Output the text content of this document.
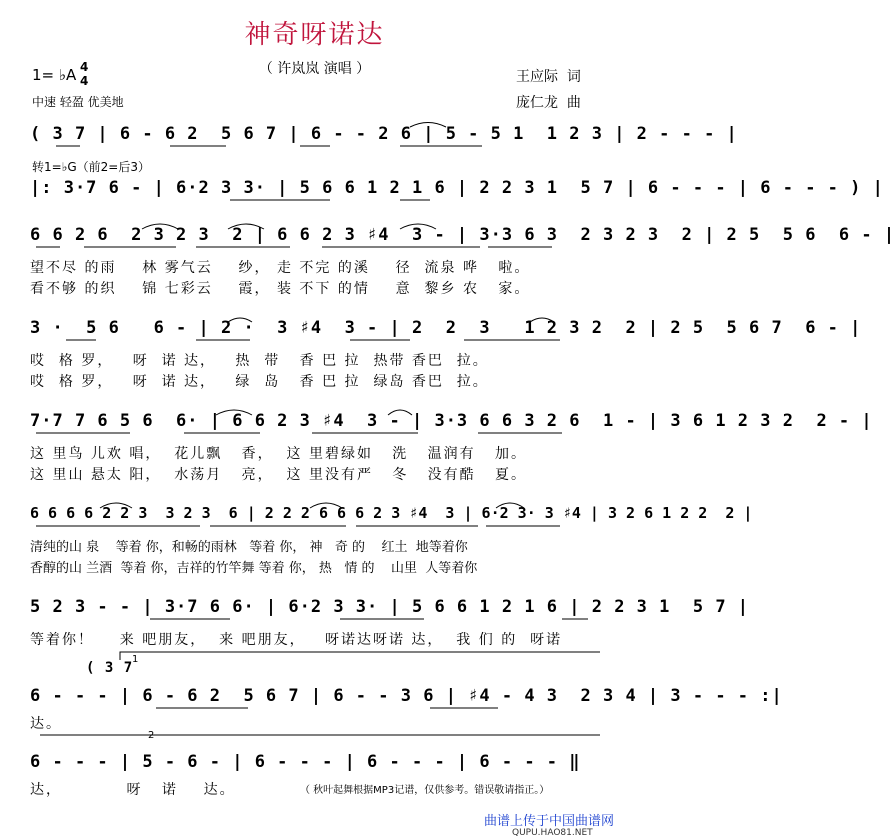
神奇呀诺达
（ 许岚岚 演唱 ）
1= ♭A 4
4
中速 轻盈 优美地
王应际  词
庞仁龙  曲
( 3 7 | 6 - 6 2  5 6 7 | 6 - - 2 6 | 5 - 5 1  1 2 3 | 2 - - - |
转1=♭G（前2=后3）
|: 3·7 6 - | 6·2 3 3· | 5 6 6 1 2 1 6 | 2 2 3 1  5 7 | 6 - - - | 6 - - - ) |
6 6 2 6  2 3 2 3  2 | 6 6 2 3 ♯4  3 - | 3·3 6 3  2 3 2 3  2 | 2 5  5 6  6 - |
望不尽 的雨    林 雾气云    纱， 走 不完 的溪    径  流泉 哗   啦。
看不够 的织    锦 七彩云    霞， 装 不下 的情    意  黎乡 农   家。
3 ·  5 6   6 - | 2 ·  3 ♯4  3 - | 2  2  3   1 2 3 2  2 | 2 5  5 6 7  6 - |
哎  格 罗，   呀  诺 达，   热  带   香 巴 拉  热带 香巴  拉。
哎  格 罗，   呀  诺 达，   绿  岛   香 巴 拉  绿岛 香巴  拉。
7·7 7 6 5 6  6· | 6 6 2 3 ♯4  3 - | 3·3 6 6 3 2 6  1 - | 3 6 1 2 3 2  2 - |
这 里鸟 儿欢 唱，  花儿飘   香，  这 里碧绿如   洗   温润有   加。
这 里山 悬太 阳，  水荡月   亮，  这 里没有严   冬   没有酷   夏。
6 6 6 6 2 2 3  3 2 3  6 | 2 2 2 6 6 6 2 3 ♯4  3 | 6·2 3· 3 ♯4 | 3 2 6 1 2 2  2 |
清纯的山 泉    等着 你，和畅的雨林   等着 你， 神   奇 的    红土  地等着你
香醇的山 兰酒  等着 你，吉祥的竹竿舞 等着 你， 热   情 的    山里  人等着你
5 2 3 - - | 3·7 6 6· | 6·2 3 3· | 5 6 6 1 2 1 6 | 2 2 3 1  5 7 |
等着你！    来 吧朋友，  来 吧朋友，   呀诺达呀诺 达，  我 们 的  呀诺
( 3 7
1
6 - - - | 6 - 6 2  5 6 7 | 6 - - 3 6 | ♯4 - 4 3  2 3 4 | 3 - - - :|
达。
2
6 - - - | 5 - 6 - | 6 - - - | 6 - - - | 6 - - - ‖
达，          呀   诺    达。	（ 秋叶起舞根据MP3记谱，仅供参考。错误敬请指正。）
曲谱上传于中国曲谱网
QUPU.HAO81.NET
